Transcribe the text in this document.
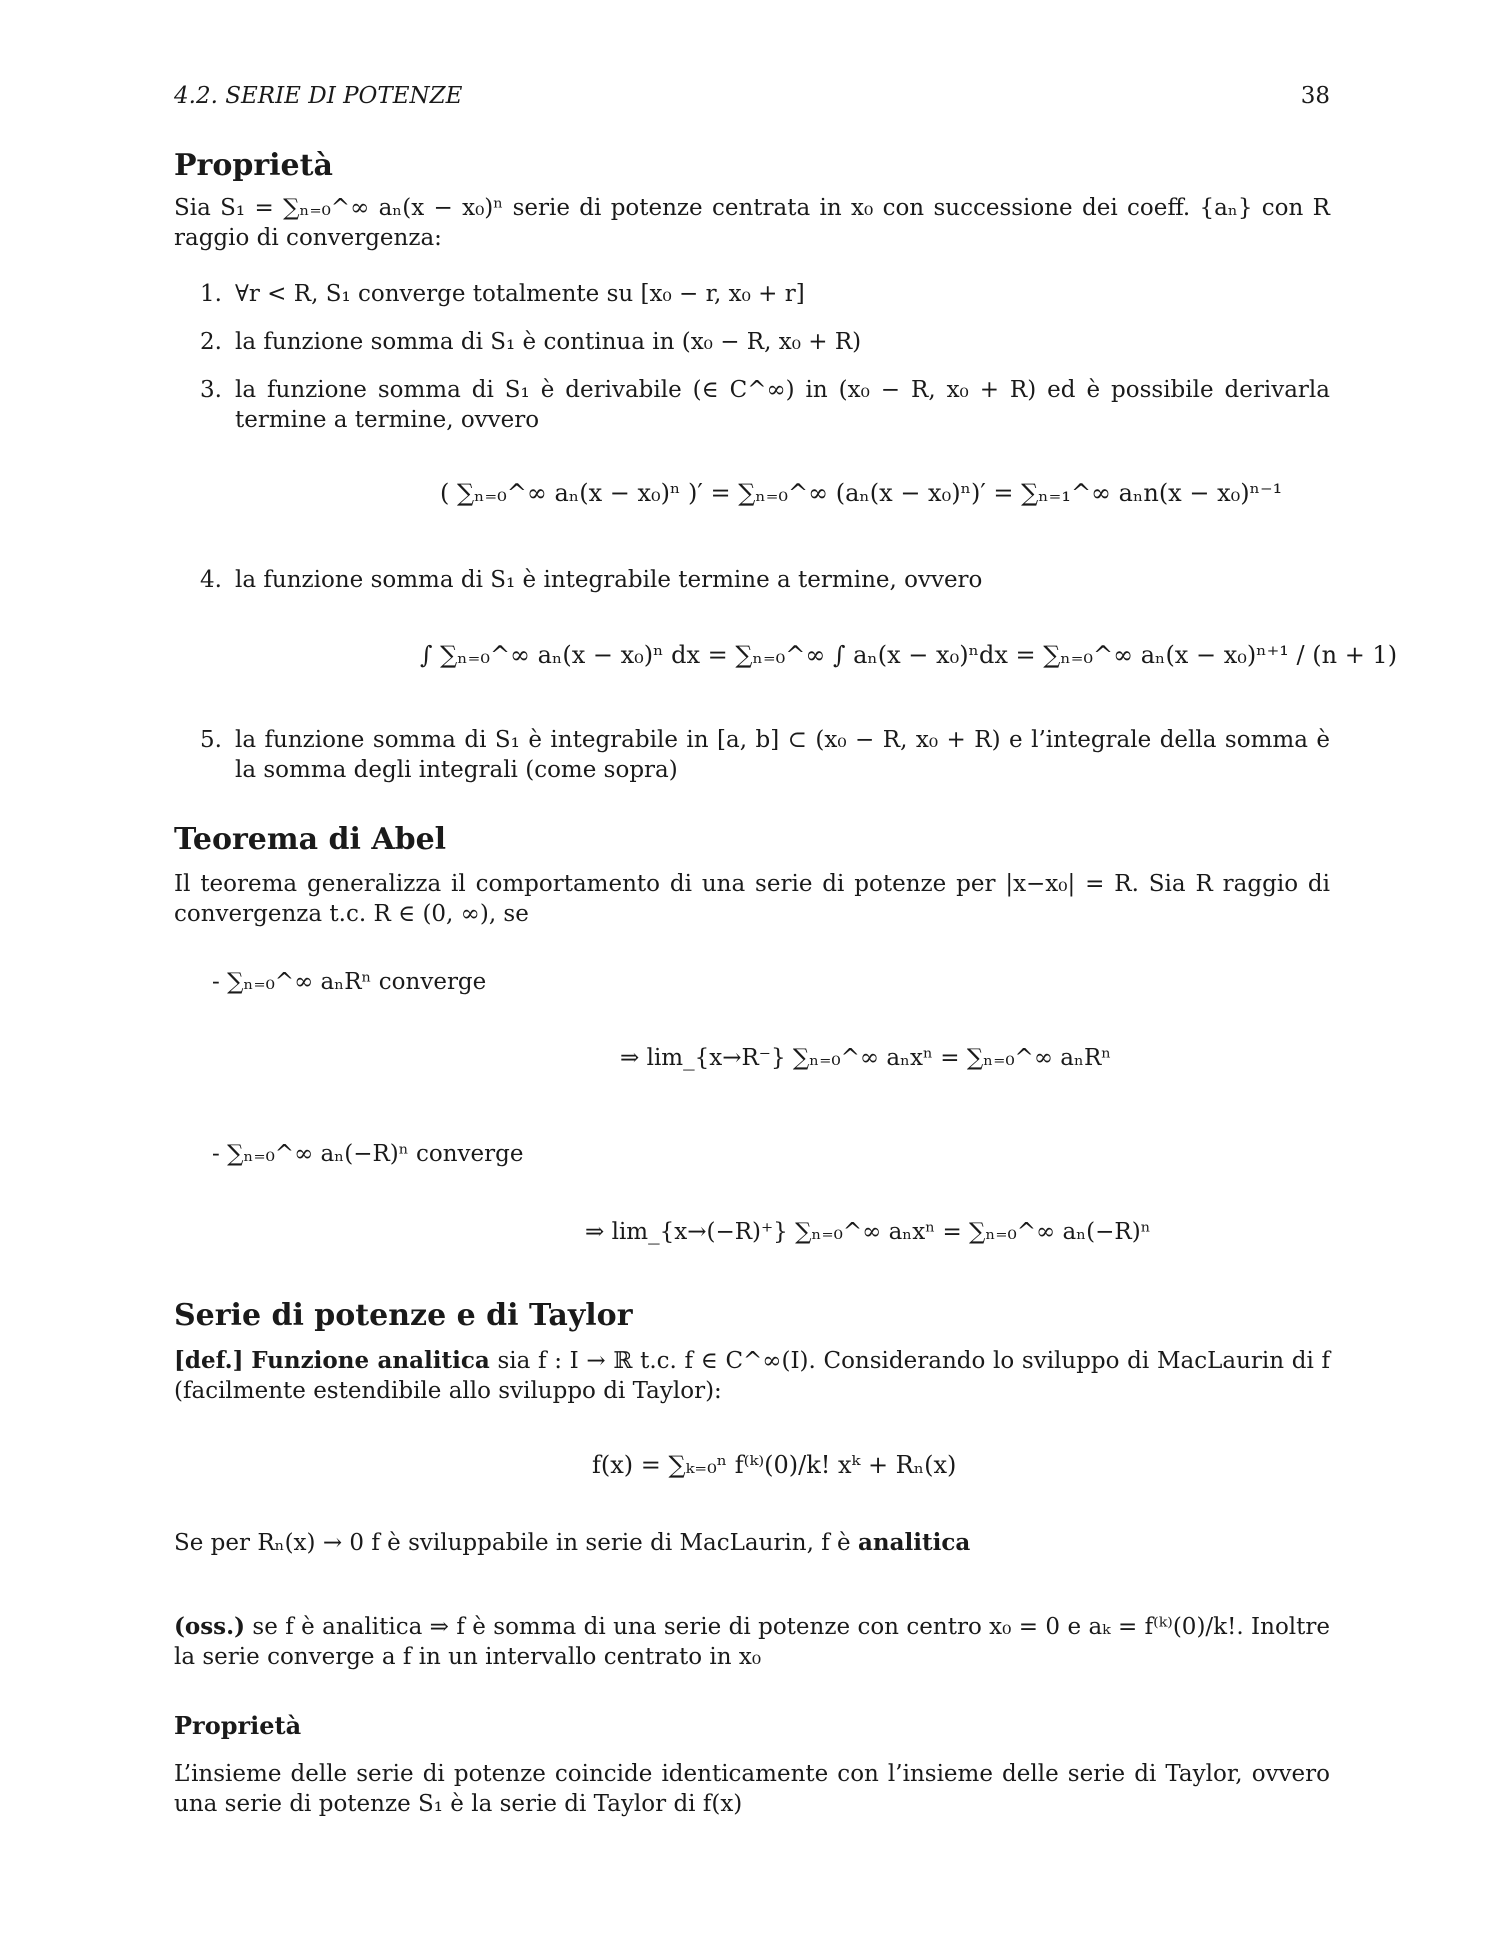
4.2. SERIE DI POTENZE	38
Proprietà

Sia S₁ = ∑ₙ₌₀^∞ aₙ(x − x₀)ⁿ serie di potenze centrata in x₀ con successione dei coeff. {aₙ} con R raggio di convergenza:

1. ∀r < R, S₁ converge totalmente su [x₀ − r, x₀ + r]
2. la funzione somma di S₁ è continua in (x₀ − R, x₀ + R)
3. la funzione somma di S₁ è derivabile (∈ C^∞) in (x₀ − R, x₀ + R) ed è possibile derivarla termine a termine, ovvero
( ∑ₙ₌₀^∞ aₙ(x − x₀)ⁿ )′ = ∑ₙ₌₀^∞ (aₙ(x − x₀)ⁿ)′ = ∑ₙ₌₁^∞ aₙn(x − x₀)ⁿ⁻¹
4. la funzione somma di S₁ è integrabile termine a termine, ovvero
∫ ∑ₙ₌₀^∞ aₙ(x − x₀)ⁿ dx = ∑ₙ₌₀^∞ ∫ aₙ(x − x₀)ⁿdx = ∑ₙ₌₀^∞ aₙ(x − x₀)ⁿ⁺¹ / (n + 1)
5. la funzione somma di S₁ è integrabile in [a, b] ⊂ (x₀ − R, x₀ + R) e l’integrale della somma è la somma degli integrali (come sopra)
Teorema di Abel

Il teorema generalizza il comportamento di una serie di potenze per |x−x₀| = R. Sia R raggio di convergenza t.c. R ∈ (0, ∞), se

- ∑ₙ₌₀^∞ aₙRⁿ converge
⇒ lim_{x→R⁻} ∑ₙ₌₀^∞ aₙxⁿ = ∑ₙ₌₀^∞ aₙRⁿ
- ∑ₙ₌₀^∞ aₙ(−R)ⁿ converge
⇒ lim_{x→(−R)⁺} ∑ₙ₌₀^∞ aₙxⁿ = ∑ₙ₌₀^∞ aₙ(−R)ⁿ
Serie di potenze e di Taylor

[def.] Funzione analitica sia f : I → ℝ t.c. f ∈ C^∞(I). Considerando lo sviluppo di MacLaurin di f (facilmente estendibile allo sviluppo di Taylor):

f(x) = ∑ₖ₌₀ⁿ f⁽ᵏ⁾(0)/k! xᵏ + Rₙ(x)

Se per Rₙ(x) → 0 f è sviluppabile in serie di MacLaurin, f è analitica

(oss.) se f è analitica ⇒ f è somma di una serie di potenze con centro x₀ = 0 e aₖ = f⁽ᵏ⁾(0)/k!. Inoltre la serie converge a f in un intervallo centrato in x₀

Proprietà

L’insieme delle serie di potenze coincide identicamente con l’insieme delle serie di Taylor, ovvero una serie di potenze S₁ è la serie di Taylor di f(x)
